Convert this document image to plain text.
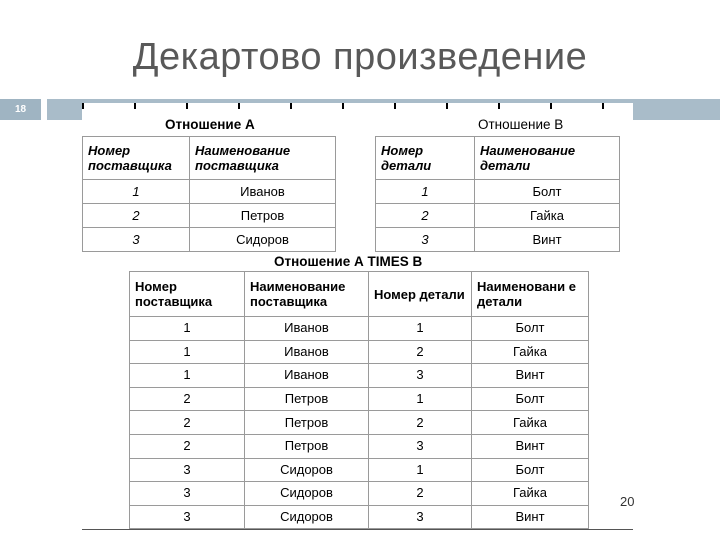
Декартово произведение
18
Отношение А
Номер поставщика	Наименование поставщика
1	Иванов
2	Петров
3	Сидоров
Отношение В
Номер детали	Наименование детали
1	Болт
2	Гайка
3	Винт
Отношение А TIMES В
Номер поставщика	Наименование поставщика	Номер детали	Наименовани е детали
1	Иванов	1	Болт
1	Иванов	2	Гайка
1	Иванов	3	Винт
2	Петров	1	Болт
2	Петров	2	Гайка
2	Петров	3	Винт
3	Сидоров	1	Болт
3	Сидоров	2	Гайка
3	Сидоров	3	Винт
20
